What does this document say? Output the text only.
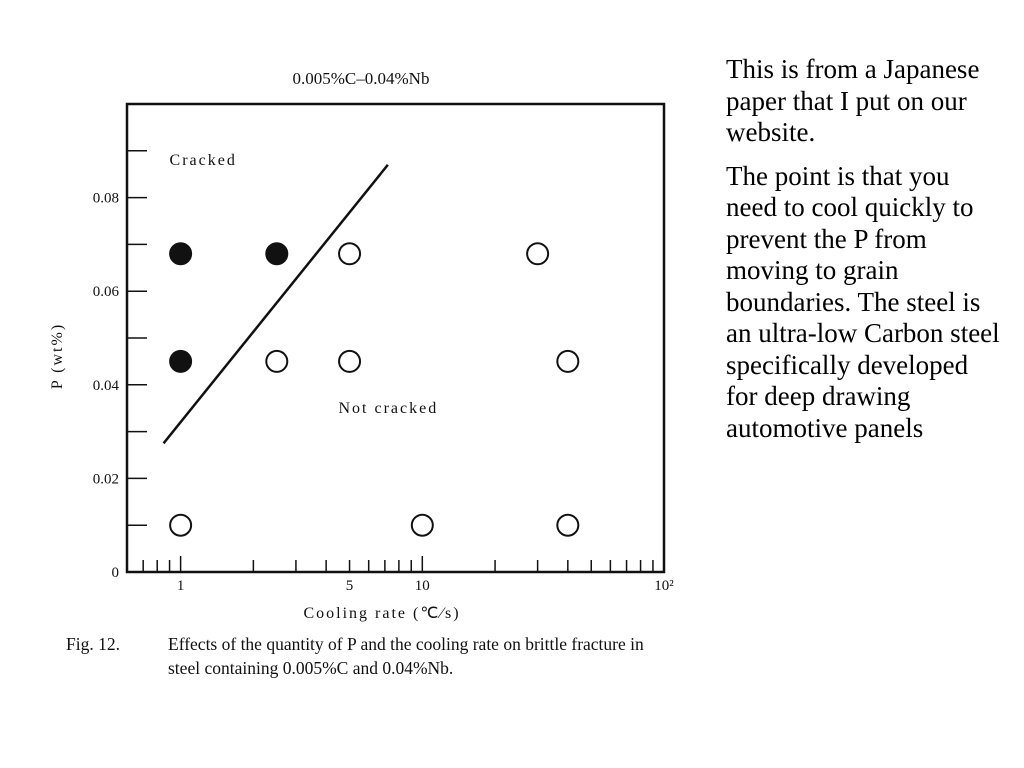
0.005%C–0.04%Nb
0
0.02
0.04
0.06
0.08
1	5	10	10²
Cracked
Not cracked
Cooling rate (℃∕s)
P (wt%)
Fig. 12.	Effects of the quantity of P and the cooling rate on brittle fracture in steel containing 0.005%C and 0.04%Nb.

This is from a Japanese paper that I put on our website.

The point is that you need to cool quickly to prevent the P from moving to grain boundaries. The steel is an ultra-low Carbon steel specifically developed for deep drawing automotive panels
